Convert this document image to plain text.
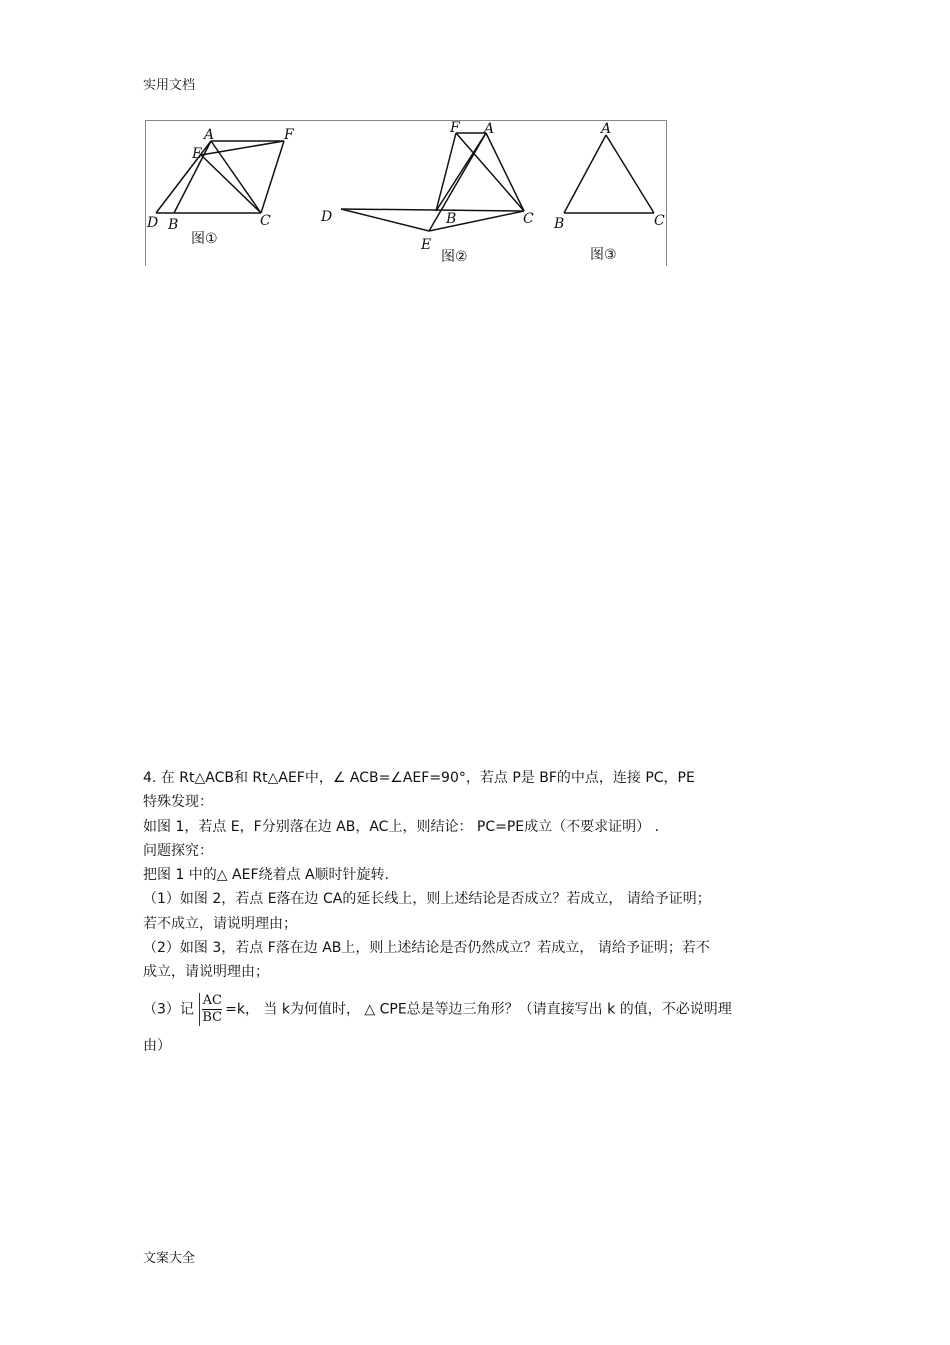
实用文档
A	F
E
D B	C
图①
F A
D	B	C
E
图②
A
B	C
图③
4. 在 Rt△ACB和 Rt△AEF中，∠ ACB=∠AEF=90°，若点 P是 BF的中点，连接 PC，PE
特殊发现：
如图 1，若点 E，F分别落在边 AB，AC上，则结论： PC=PE成立（不要求证明） .
问题探究：
把图 1 中的△ AEF绕着点 A顺时针旋转.
（1）如图 2，若点 E落在边 CA的延长线上，则上述结论是否成立？若成立， 请给予证明；
若不成立，请说明理由；
（2）如图 3，若点 F落在边 AB上，则上述结论是否仍然成立？若成立， 请给予证明；若不
成立，请说明理由；
（3）记 $\frac{AC}{BC} =k$， 当 k为何值时， △ CPE总是等边三角形？（请直接写出 k 的值，不必说明理
由）
文案大全
